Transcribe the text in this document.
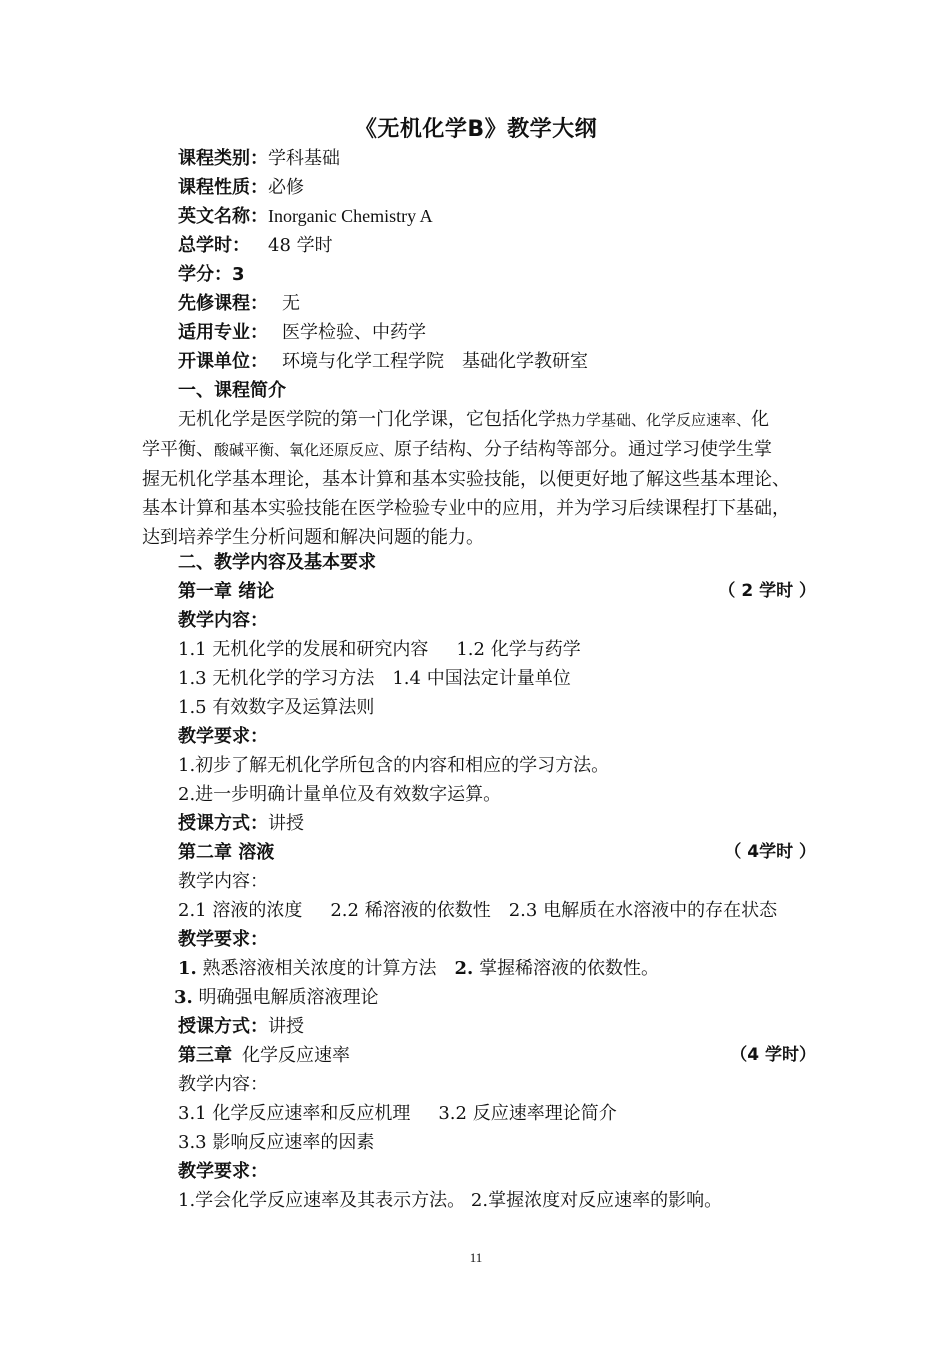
《无机化学B》教学大纲
课程类别：学科基础
课程性质：必修
英文名称：Inorganic Chemistry A
总学时： 48 学时
学分：3
先修课程： 无
适用专业： 医学检验、中药学
开课单位： 环境与化学工程学院 基础化学教研室
一、课程简介
无机化学是医学院的第一门化学课，它包括化学热力学基础、化学反应速率、化
学平衡、酸碱平衡、氧化还原反应、原子结构、分子结构等部分。通过学习使学生掌
握无机化学基本理论，基本计算和基本实验技能，以便更好地了解这些基本理论、
基本计算和基本实验技能在医学检验专业中的应用，并为学习后续课程打下基础，
达到培养学生分析问题和解决问题的能力。
二、教学内容及基本要求
第一章 绪论	（ 2 学时 ）
教学内容：
1.1 无机化学的发展和研究内容 1.2 化学与药学
1.3 无机化学的学习方法 1.4 中国法定计量单位
1.5 有效数字及运算法则
教学要求：
1.初步了解无机化学所包含的内容和相应的学习方法。
2.进一步明确计量单位及有效数字运算。
授课方式：讲授
第二章 溶液	（ 4学时 ）
教学内容：
2.1 溶液的浓度 2.2 稀溶液的依数性 2.3 电解质在水溶液中的存在状态
教学要求：
1. 熟悉溶液相关浓度的计算方法 2. 掌握稀溶液的依数性。
3. 明确强电解质溶液理论
授课方式：讲授
第三章 化学反应速率	（4 学时）
教学内容：
3.1 化学反应速率和反应机理 3.2 反应速率理论简介
3.3 影响反应速率的因素
教学要求：
1.学会化学反应速率及其表示方法。 2.掌握浓度对反应速率的影响。
11
